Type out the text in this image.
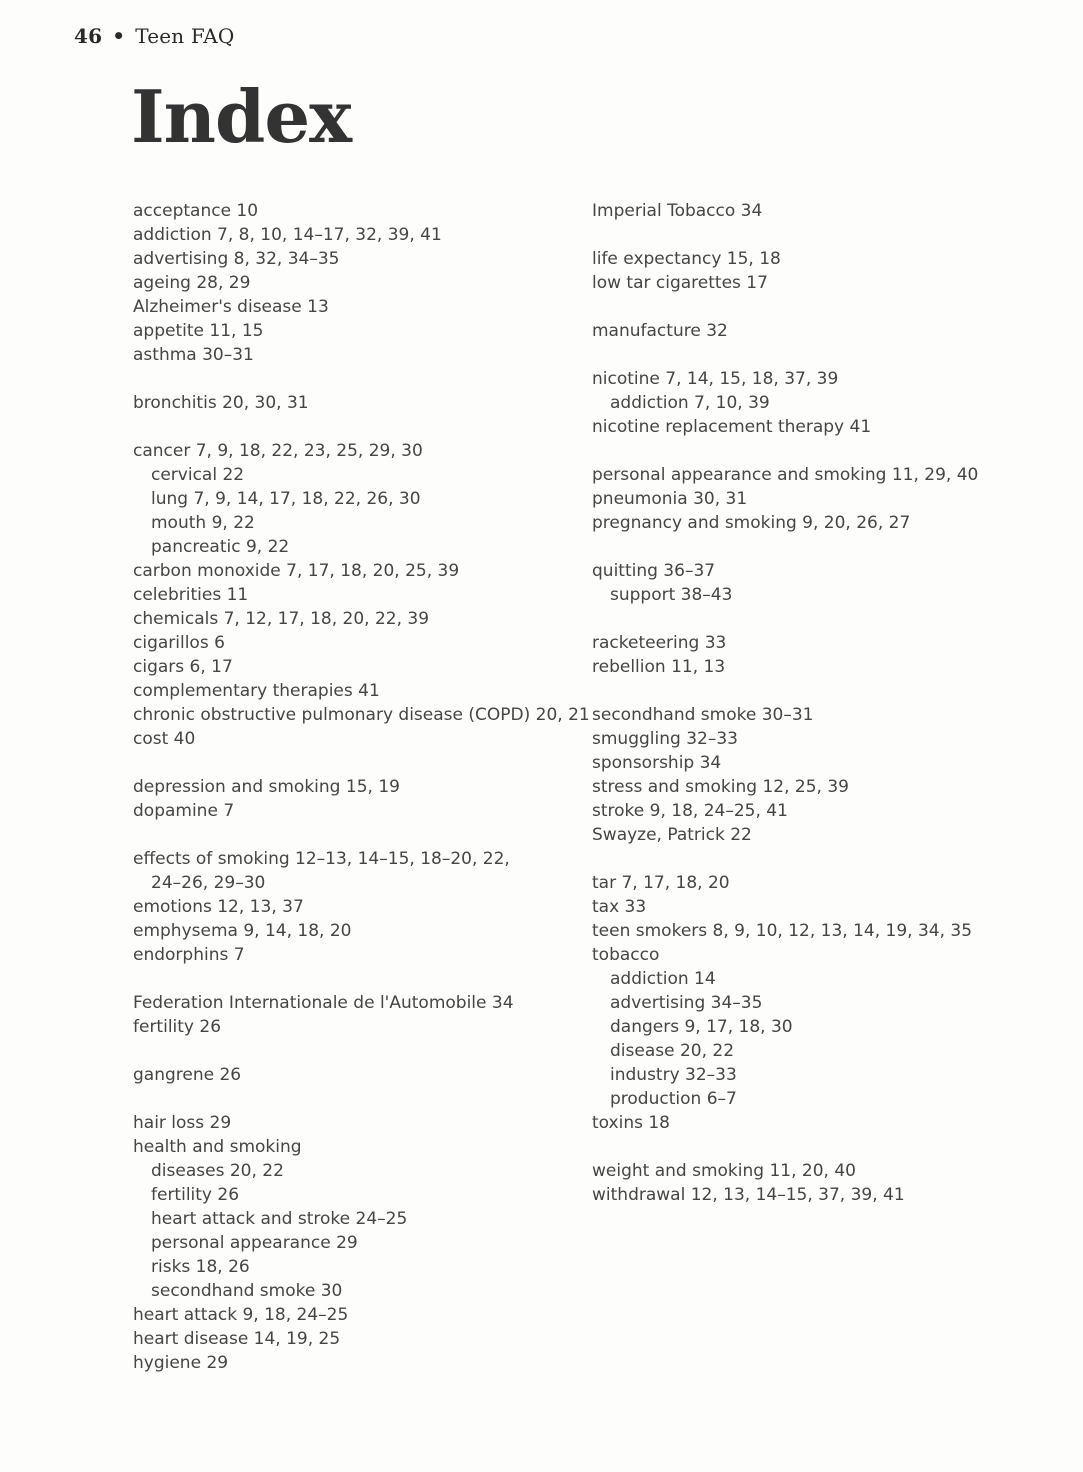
46 • Teen FAQ
Index
acceptance 10
addiction 7, 8, 10, 14–17, 32, 39, 41
advertising 8, 32, 34–35
ageing 28, 29
Alzheimer's disease 13
appetite 11, 15
asthma 30–31
bronchitis 20, 30, 31
cancer 7, 9, 18, 22, 23, 25, 29, 30
cervical 22
lung 7, 9, 14, 17, 18, 22, 26, 30
mouth 9, 22
pancreatic 9, 22
carbon monoxide 7, 17, 18, 20, 25, 39
celebrities 11
chemicals 7, 12, 17, 18, 20, 22, 39
cigarillos 6
cigars 6, 17
complementary therapies 41
chronic obstructive pulmonary disease (COPD) 20, 21
cost 40
depression and smoking 15, 19
dopamine 7
effects of smoking 12–13, 14–15, 18–20, 22,
24–26, 29–30
emotions 12, 13, 37
emphysema 9, 14, 18, 20
endorphins 7
Federation Internationale de l'Automobile 34
fertility 26
gangrene 26
hair loss 29
health and smoking
diseases 20, 22
fertility 26
heart attack and stroke 24–25
personal appearance 29
risks 18, 26
secondhand smoke 30
heart attack 9, 18, 24–25
heart disease 14, 19, 25
hygiene 29
Imperial Tobacco 34
life expectancy 15, 18
low tar cigarettes 17
manufacture 32
nicotine 7, 14, 15, 18, 37, 39
addiction 7, 10, 39
nicotine replacement therapy 41
personal appearance and smoking 11, 29, 40
pneumonia 30, 31
pregnancy and smoking 9, 20, 26, 27
quitting 36–37
support 38–43
racketeering 33
rebellion 11, 13
secondhand smoke 30–31
smuggling 32–33
sponsorship 34
stress and smoking 12, 25, 39
stroke 9, 18, 24–25, 41
Swayze, Patrick 22
tar 7, 17, 18, 20
tax 33
teen smokers 8, 9, 10, 12, 13, 14, 19, 34, 35
tobacco
addiction 14
advertising 34–35
dangers 9, 17, 18, 30
disease 20, 22
industry 32–33
production 6–7
toxins 18
weight and smoking 11, 20, 40
withdrawal 12, 13, 14–15, 37, 39, 41
